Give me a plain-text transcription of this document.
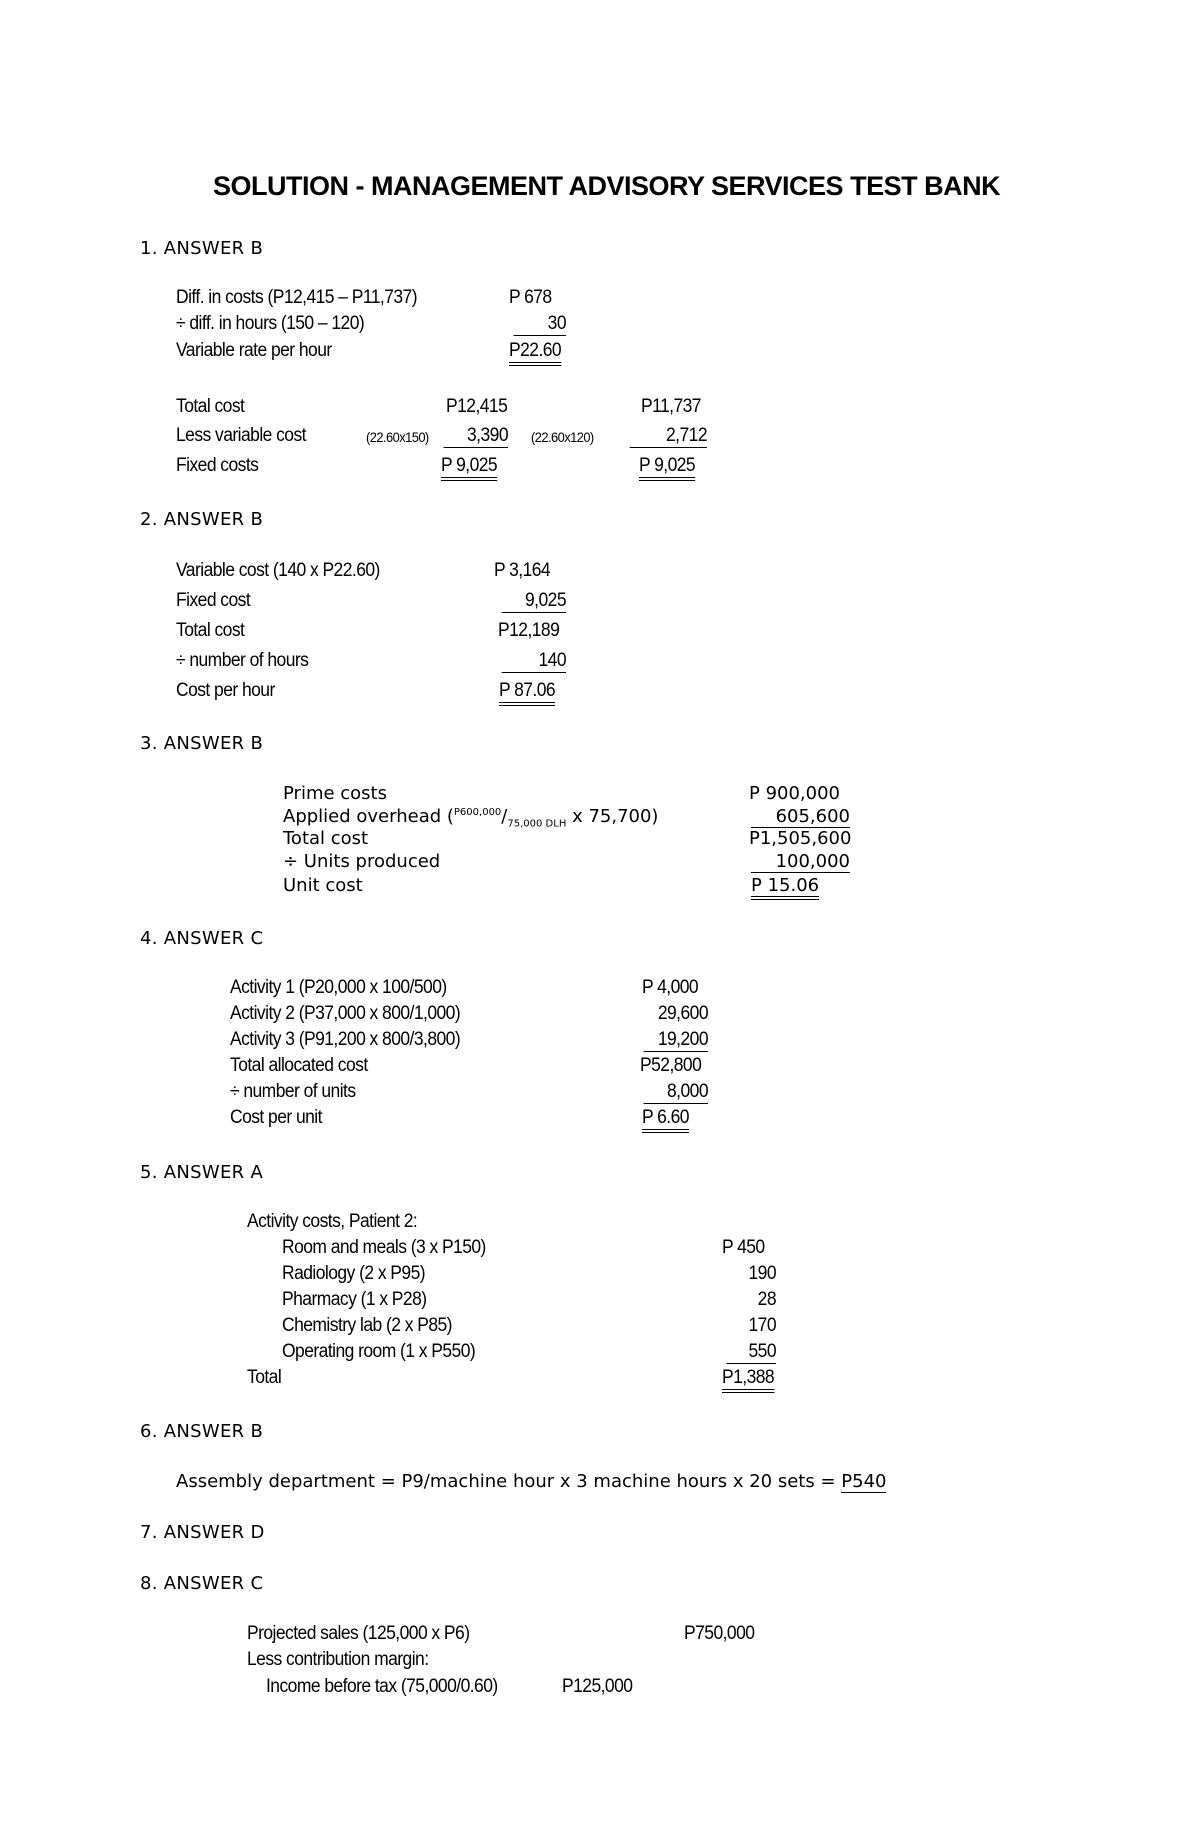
SOLUTION - MANAGEMENT ADVISORY SERVICES TEST BANK
1. ANSWER B
Diff. in costs (P12,415 – P11,737)	P 678
÷ diff. in hours (150 – 120)	30
Variable rate per hour	P22.60
Total cost	P12,415	P11,737
Less variable cost	(22.60x150)	3,390 (22.60x120)	2,712
Fixed costs	P 9,025	P 9,025
2. ANSWER B
Variable cost (140 x P22.60)	P 3,164
Fixed cost	9,025
Total cost	P12,189
÷ number of hours	140
Cost per hour	P 87.06
3. ANSWER B
Prime costs	P 900,000
Applied overhead ($^{P600,000}/_{75,000 DLH}$ x 75,700)	605,600
Total cost	P1,505,600
÷ Units produced	100,000
Unit cost	P 15.06
4. ANSWER C
Activity 1 (P20,000 x 100/500)	P 4,000
Activity 2 (P37,000 x 800/1,000)	29,600
Activity 3 (P91,200 x 800/3,800)	19,200
Total allocated cost	P52,800
÷ number of units	8,000
Cost per unit	P 6.60
5. ANSWER A
Activity costs, Patient 2:
Room and meals (3 x P150)	P 450
Radiology (2 x P95)	190
Pharmacy (1 x P28)	28
Chemistry lab (2 x P85)	170
Operating room (1 x P550)	550
Total	P1,388
6. ANSWER B
Assembly department = P9/machine hour x 3 machine hours x 20 sets = P540
7. ANSWER D
8. ANSWER C
Projected sales (125,000 x P6)	P750,000
Less contribution margin:
Income before tax (75,000/0.60)	P125,000
